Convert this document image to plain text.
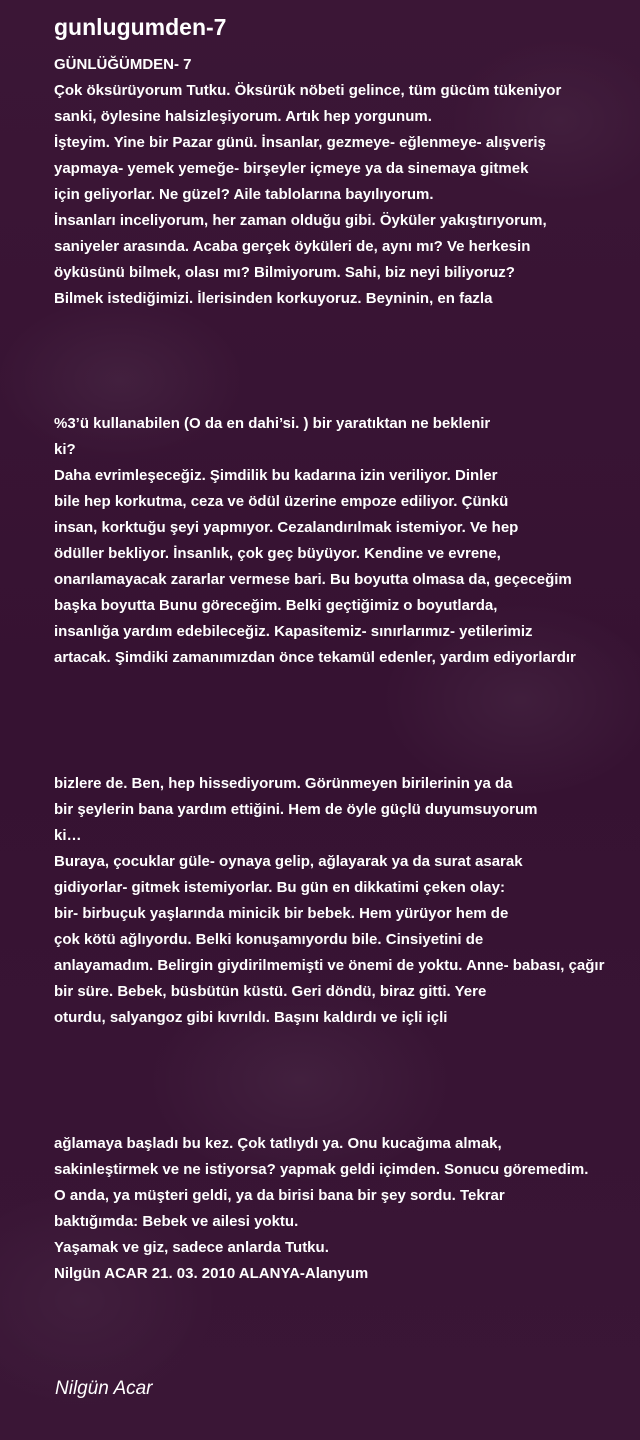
gunlugumden-7
GÜNLÜĞÜMDEN- 7
Çok öksürüyorum Tutku. Öksürük nöbeti gelince, tüm gücüm tükeniyor
sanki, öylesine halsizleşiyorum. Artık hep yorgunum.
İşteyim. Yine bir Pazar günü. İnsanlar, gezmeye- eğlenmeye- alışveriş
yapmaya- yemek yemeğe- birşeyler içmeye ya da sinemaya gitmek
için geliyorlar. Ne güzel? Aile tablolarına bayılıyorum.
İnsanları inceliyorum, her zaman olduğu gibi. Öyküler yakıştırıyorum,
saniyeler arasında. Acaba gerçek öyküleri de, aynı mı? Ve herkesin
öyküsünü bilmek, olası mı? Bilmiyorum. Sahi, biz neyi biliyoruz?
Bilmek istediğimizi. İlerisinden korkuyoruz. Beyninin, en fazla
%3’ü kullanabilen (O da en dahi’si. ) bir yaratıktan ne beklenir
ki?
Daha evrimleşeceğiz. Şimdilik bu kadarına izin veriliyor. Dinler
bile hep korkutma, ceza ve ödül üzerine empoze ediliyor. Çünkü
insan, korktuğu şeyi yapmıyor. Cezalandırılmak istemiyor. Ve hep
ödüller bekliyor. İnsanlık, çok geç büyüyor. Kendine ve evrene,
onarılamayacak zararlar vermese bari. Bu boyutta olmasa da, geçeceğim
başka boyutta Bunu göreceğim. Belki geçtiğimiz o boyutlarda,
insanlığa yardım edebileceğiz. Kapasitemiz- sınırlarımız- yetilerimiz
artacak. Şimdiki zamanımızdan önce tekamül edenler, yardım ediyorlardır
bizlere de. Ben, hep hissediyorum. Görünmeyen birilerinin ya da
bir şeylerin bana yardım ettiğini. Hem de öyle güçlü duyumsuyorum
ki…
Buraya, çocuklar güle- oynaya gelip, ağlayarak ya da surat asarak
gidiyorlar- gitmek istemiyorlar. Bu gün en dikkatimi çeken olay:
bir- birbuçuk yaşlarında minicik bir bebek. Hem yürüyor hem de
çok kötü ağlıyordu. Belki konuşamıyordu bile. Cinsiyetini de
anlayamadım. Belirgin giydirilmemişti ve önemi de yoktu. Anne- babası, çağır
bir süre. Bebek, büsbütün küstü. Geri döndü, biraz gitti. Yere
oturdu, salyangoz gibi kıvrıldı. Başını kaldırdı ve içli içli
ağlamaya başladı bu kez. Çok tatlıydı ya. Onu kucağıma almak,
sakinleştirmek ve ne istiyorsa? yapmak geldi içimden. Sonucu göremedim.
O anda, ya müşteri geldi, ya da birisi bana bir şey sordu. Tekrar
baktığımda: Bebek ve ailesi yoktu.
Yaşamak ve giz, sadece anlarda Tutku.
Nilgün ACAR 21. 03. 2010 ALANYA-Alanyum
Nilgün Acar
